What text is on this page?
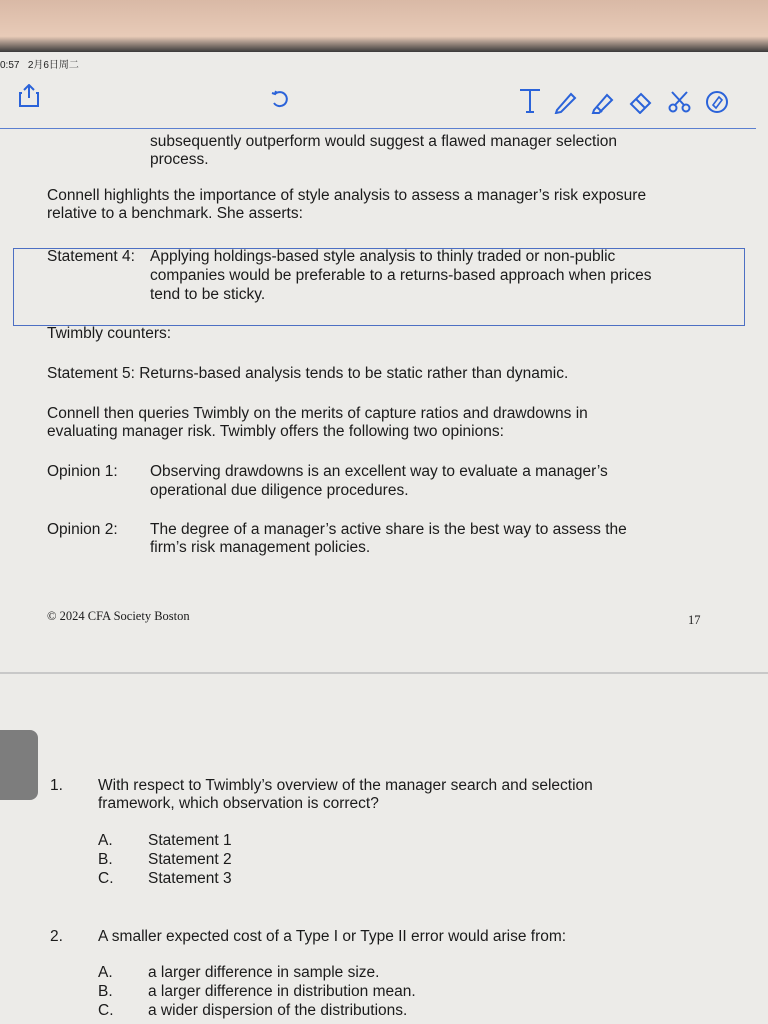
0:57 2月6日周二
subsequently outperform would suggest a flawed manager selection
process.
Connell highlights the importance of style analysis to assess a manager’s risk exposure
relative to a benchmark. She asserts:
Statement 4: Applying holdings-based style analysis to thinly traded or non-public
companies would be preferable to a returns-based approach when prices
tend to be sticky.
Twimbly counters:
Statement 5: Returns-based analysis tends to be static rather than dynamic.
Connell then queries Twimbly on the merits of capture ratios and drawdowns in
evaluating manager risk. Twimbly offers the following two opinions:
Opinion 1: Observing drawdowns is an excellent way to evaluate a manager’s
operational due diligence procedures.
Opinion 2: The degree of a manager’s active share is the best way to assess the
firm’s risk management policies.
© 2024 CFA Society Boston	17
1. With respect to Twimbly’s overview of the manager search and selection
framework, which observation is correct?
A. Statement 1
B. Statement 2
C. Statement 3
2. A smaller expected cost of a Type I or Type II error would arise from:
A. a larger difference in sample size.
B. a larger difference in distribution mean.
C. a wider dispersion of the distributions.
